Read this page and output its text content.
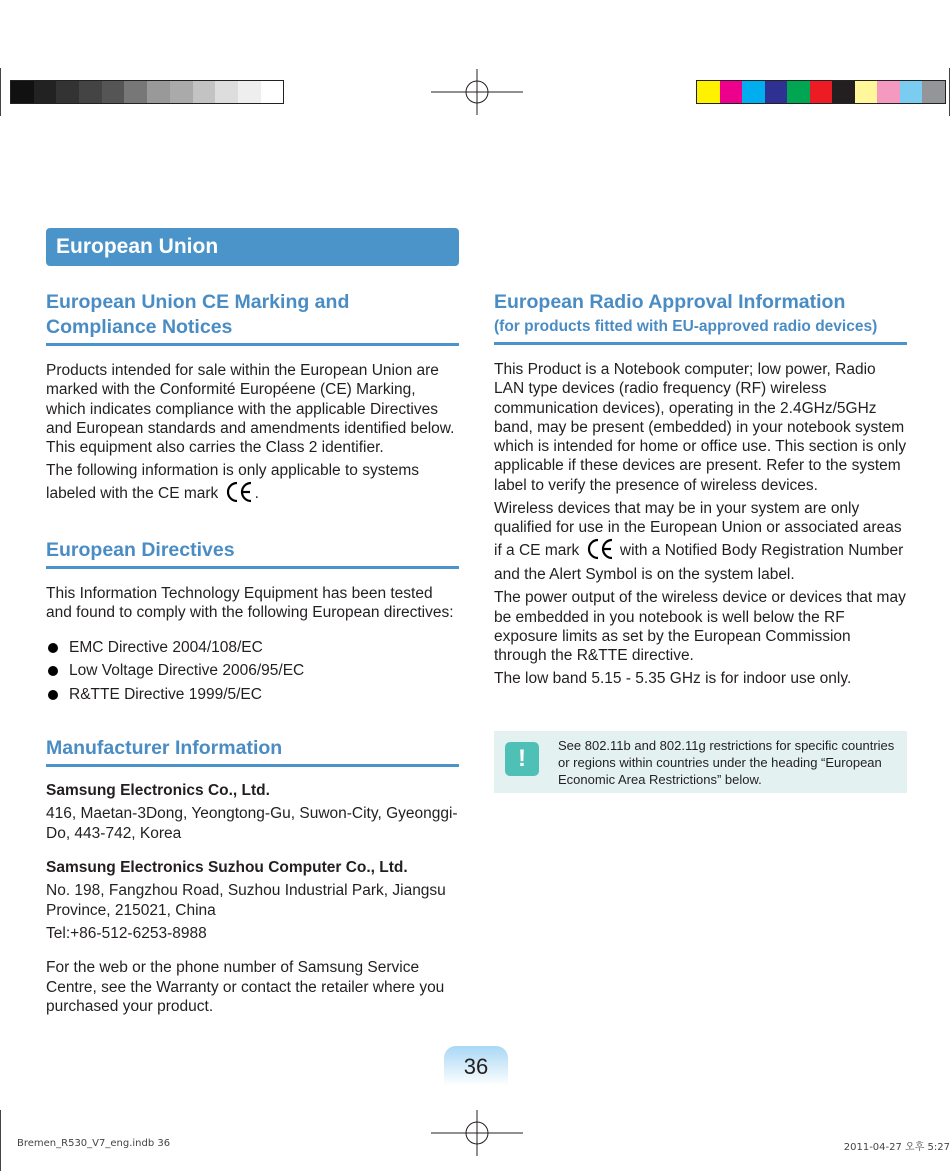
European Union
European Union CE Marking and Compliance Notices

Products intended for sale within the European Union are marked with the Conformité Européene (CE) Marking, which indicates compliance with the applicable Directives and European standards and amendments identified below. This equipment also carries the Class 2 identifier.

The following information is only applicable to systems labeled with the CE mark .

European Directives

This Information Technology Equipment has been tested and found to comply with the following European directives:

EMC Directive 2004/108/EC
Low Voltage Directive 2006/95/EC
R&TTE Directive 1999/5/EC
Manufacturer Information

Samsung Electronics Co., Ltd.

416, Maetan-3Dong, Yeongtong-Gu, Suwon-City, Gyeonggi-Do, 443-742, Korea

Samsung Electronics Suzhou Computer Co., Ltd.

No. 198, Fangzhou Road, Suzhou Industrial Park, Jiangsu Province, 215021, China

Tel:+86-512-6253-8988

For the web or the phone number of Samsung Service Centre, see the Warranty or contact the retailer where you purchased your product.

European Radio Approval Information
(for products fitted with EU-approved radio devices)

This Product is a Notebook computer; low power, Radio LAN type devices (radio frequency (RF) wireless communication devices), operating in the 2.4GHz/5GHz band, may be present (embedded) in your notebook system which is intended for home or office use. This section is only applicable if these devices are present. Refer to the system label to verify the presence of wireless devices.

Wireless devices that may be in your system are only qualified for use in the European Union or associated areas if a CE mark	with a Notified Body Registration Number and the Alert Symbol is on the system label.

The power output of the wireless device or devices that may be embedded in you notebook is well below the RF exposure limits as set by the European Commission through the R&TTE directive.

The low band 5.15 - 5.35 GHz is for indoor use only.

!	See 802.11b and 802.11g restrictions for specific countries or regions within countries under the heading “European Economic Area Restrictions” below.
36
Bremen_R530_V7_eng.indb 36	2011-04-27 오후 5:27
